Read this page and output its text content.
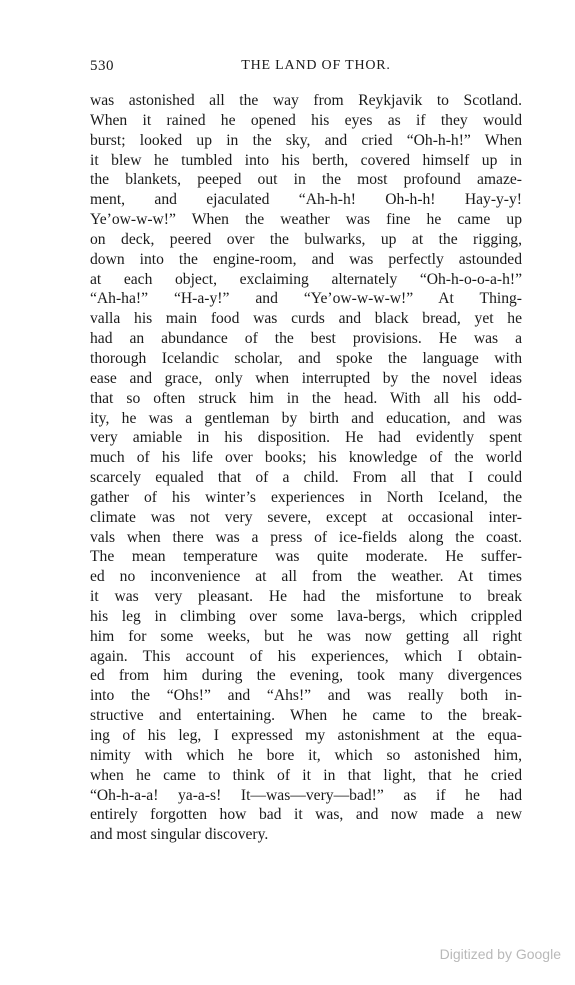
530	THE LAND OF THOR.
was astonished all the way from Reykjavik to Scotland.
When it rained he opened his eyes as if they would
burst; looked up in the sky, and cried “Oh-h-h!” When
it blew he tumbled into his berth, covered himself up in
the blankets, peeped out in the most profound amaze-
ment, and ejaculated “Ah-h-h! Oh-h-h! Hay-y-y!
Ye’ow-w-w!” When the weather was fine he came up
on deck, peered over the bulwarks, up at the rigging,
down into the engine-room, and was perfectly astounded
at each object, exclaiming alternately “Oh-h-o-o-a-h!”
“Ah-ha!” “H-a-y!” and “Ye’ow-w-w-w!” At Thing-
valla his main food was curds and black bread, yet he
had an abundance of the best provisions. He was a
thorough Icelandic scholar, and spoke the language with
ease and grace, only when interrupted by the novel ideas
that so often struck him in the head. With all his odd-
ity, he was a gentleman by birth and education, and was
very amiable in his disposition. He had evidently spent
much of his life over books; his knowledge of the world
scarcely equaled that of a child. From all that I could
gather of his winter’s experiences in North Iceland, the
climate was not very severe, except at occasional inter-
vals when there was a press of ice-fields along the coast.
The mean temperature was quite moderate. He suffer-
ed no inconvenience at all from the weather. At times
it was very pleasant. He had the misfortune to break
his leg in climbing over some lava-bergs, which crippled
him for some weeks, but he was now getting all right
again. This account of his experiences, which I obtain-
ed from him during the evening, took many divergences
into the “Ohs!” and “Ahs!” and was really both in-
structive and entertaining. When he came to the break-
ing of his leg, I expressed my astonishment at the equa-
nimity with which he bore it, which so astonished him,
when he came to think of it in that light, that he cried
“Oh-h-a-a! ya-a-s! It—was—very—bad!” as if he had
entirely forgotten how bad it was, and now made a new
and most singular discovery.
Digitized by Google
